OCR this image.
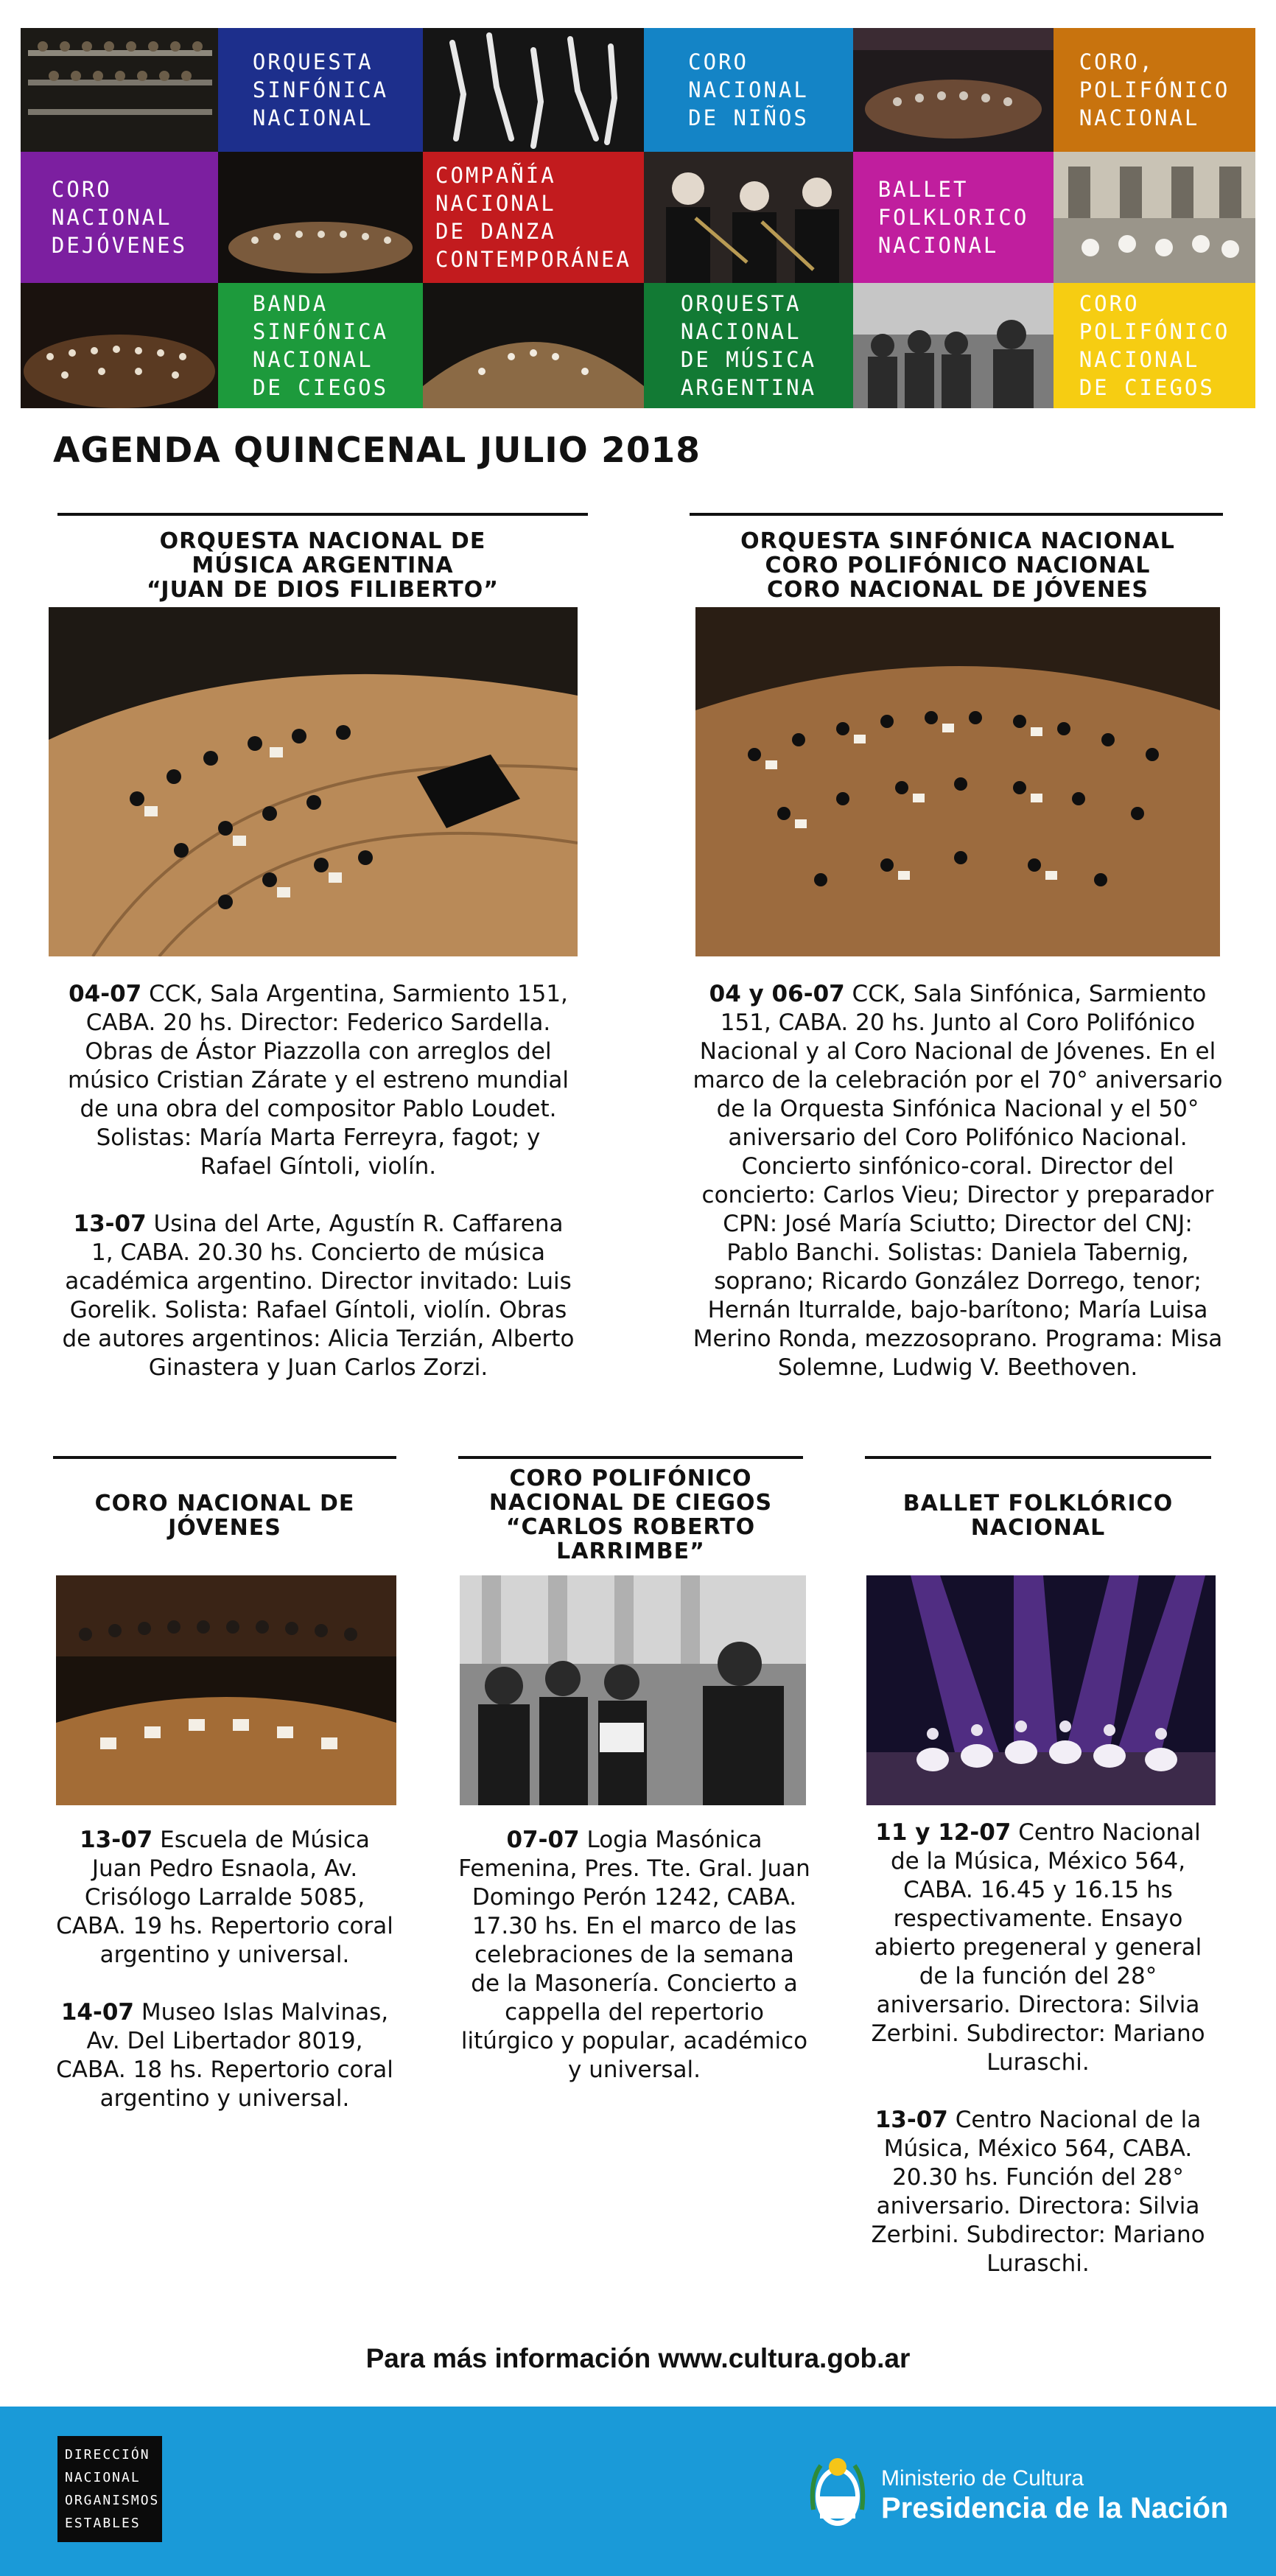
ORQUESTA
SINFÓNICA
NACIONAL
CORO
NACIONAL
DE NIÑOS
CORO,
POLIFÓNICO
NACIONAL
CORO
NACIONAL
DEJÓVENES
COMPAÑÍA
NACIONAL
DE DANZA
CONTEMPORÁNEA
BALLET
FOLKLORICO
NACIONAL
BANDA
SINFÓNICA
NACIONAL
DE CIEGOS
ORQUESTA
NACIONAL
DE MÚSICA
ARGENTINA
CORO
POLIFÓNICO
NACIONAL
DE CIEGOS
AGENDA QUINCENAL JULIO 2018
ORQUESTA NACIONAL DE
MÚSICA ARGENTINA
“JUAN DE DIOS FILIBERTO”

04-07 CCK, Sala Argentina, Sarmiento 151, CABA. 20 hs. Director: Federico Sardella. Obras de Ástor Piazzolla con arreglos del músico Cristian Zárate y el estreno mundial de una obra del compositor Pablo Loudet. Solistas: María Marta Ferreyra, fagot; y Rafael Gíntoli, violín.

13-07 Usina del Arte, Agustín R. Caffarena 1, CABA. 20.30 hs. Concierto de música académica argentino. Director invitado: Luis Gorelik. Solista: Rafael Gíntoli, violín. Obras de autores argentinos: Alicia Terzián, Alberto Ginastera y Juan Carlos Zorzi.

ORQUESTA SINFÓNICA NACIONAL
CORO POLIFÓNICO NACIONAL
CORO NACIONAL DE JÓVENES

04 y 06-07 CCK, Sala Sinfónica, Sarmiento 151, CABA. 20 hs. Junto al Coro Polifónico Nacional y al Coro Nacional de Jóvenes. En el marco de la celebración por el 70° aniversario de la Orquesta Sinfónica Nacional y el 50° aniversario del Coro Polifónico Nacional. Concierto sinfónico-coral. Director del concierto: Carlos Vieu; Director y preparador CPN: José María Sciutto; Director del CNJ: Pablo Banchi. Solistas: Daniela Tabernig, soprano; Ricardo González Dorrego, tenor; Hernán Iturralde, bajo-barítono; María Luisa Merino Ronda, mezzosoprano. Programa: Misa Solemne, Ludwig V. Beethoven.

CORO NACIONAL DE
JÓVENES

13-07 Escuela de Música Juan Pedro Esnaola, Av. Crisólogo Larralde 5085, CABA. 19 hs. Repertorio coral argentino y universal.

14-07 Museo Islas Malvinas, Av. Del Libertador 8019, CABA. 18 hs. Repertorio coral argentino y universal.

CORO POLIFÓNICO
NACIONAL DE CIEGOS
“CARLOS ROBERTO
LARRIMBE”

07-07 Logia Masónica Femenina, Pres. Tte. Gral. Juan Domingo Perón 1242, CABA. 17.30 hs. En el marco de las celebraciones de la semana de la Masonería. Concierto a cappella del repertorio litúrgico y popular, académico y universal.

BALLET FOLKLÓRICO
NACIONAL

11 y 12-07 Centro Nacional de la Música, México 564, CABA. 16.45 y 16.15 hs respectivamente. Ensayo abierto pregeneral y general de la función del 28° aniversario. Directora: Silvia Zerbini. Subdirector: Mariano Luraschi.

13-07 Centro Nacional de la Música, México 564, CABA. 20.30 hs. Función del 28° aniversario. Directora: Silvia Zerbini. Subdirector: Mariano Luraschi.

Para más información www.cultura.gob.ar
DIRECCIÓN
NACIONAL
ORGANISMOS
ESTABLES
Ministerio de Cultura
Presidencia de la Nación
